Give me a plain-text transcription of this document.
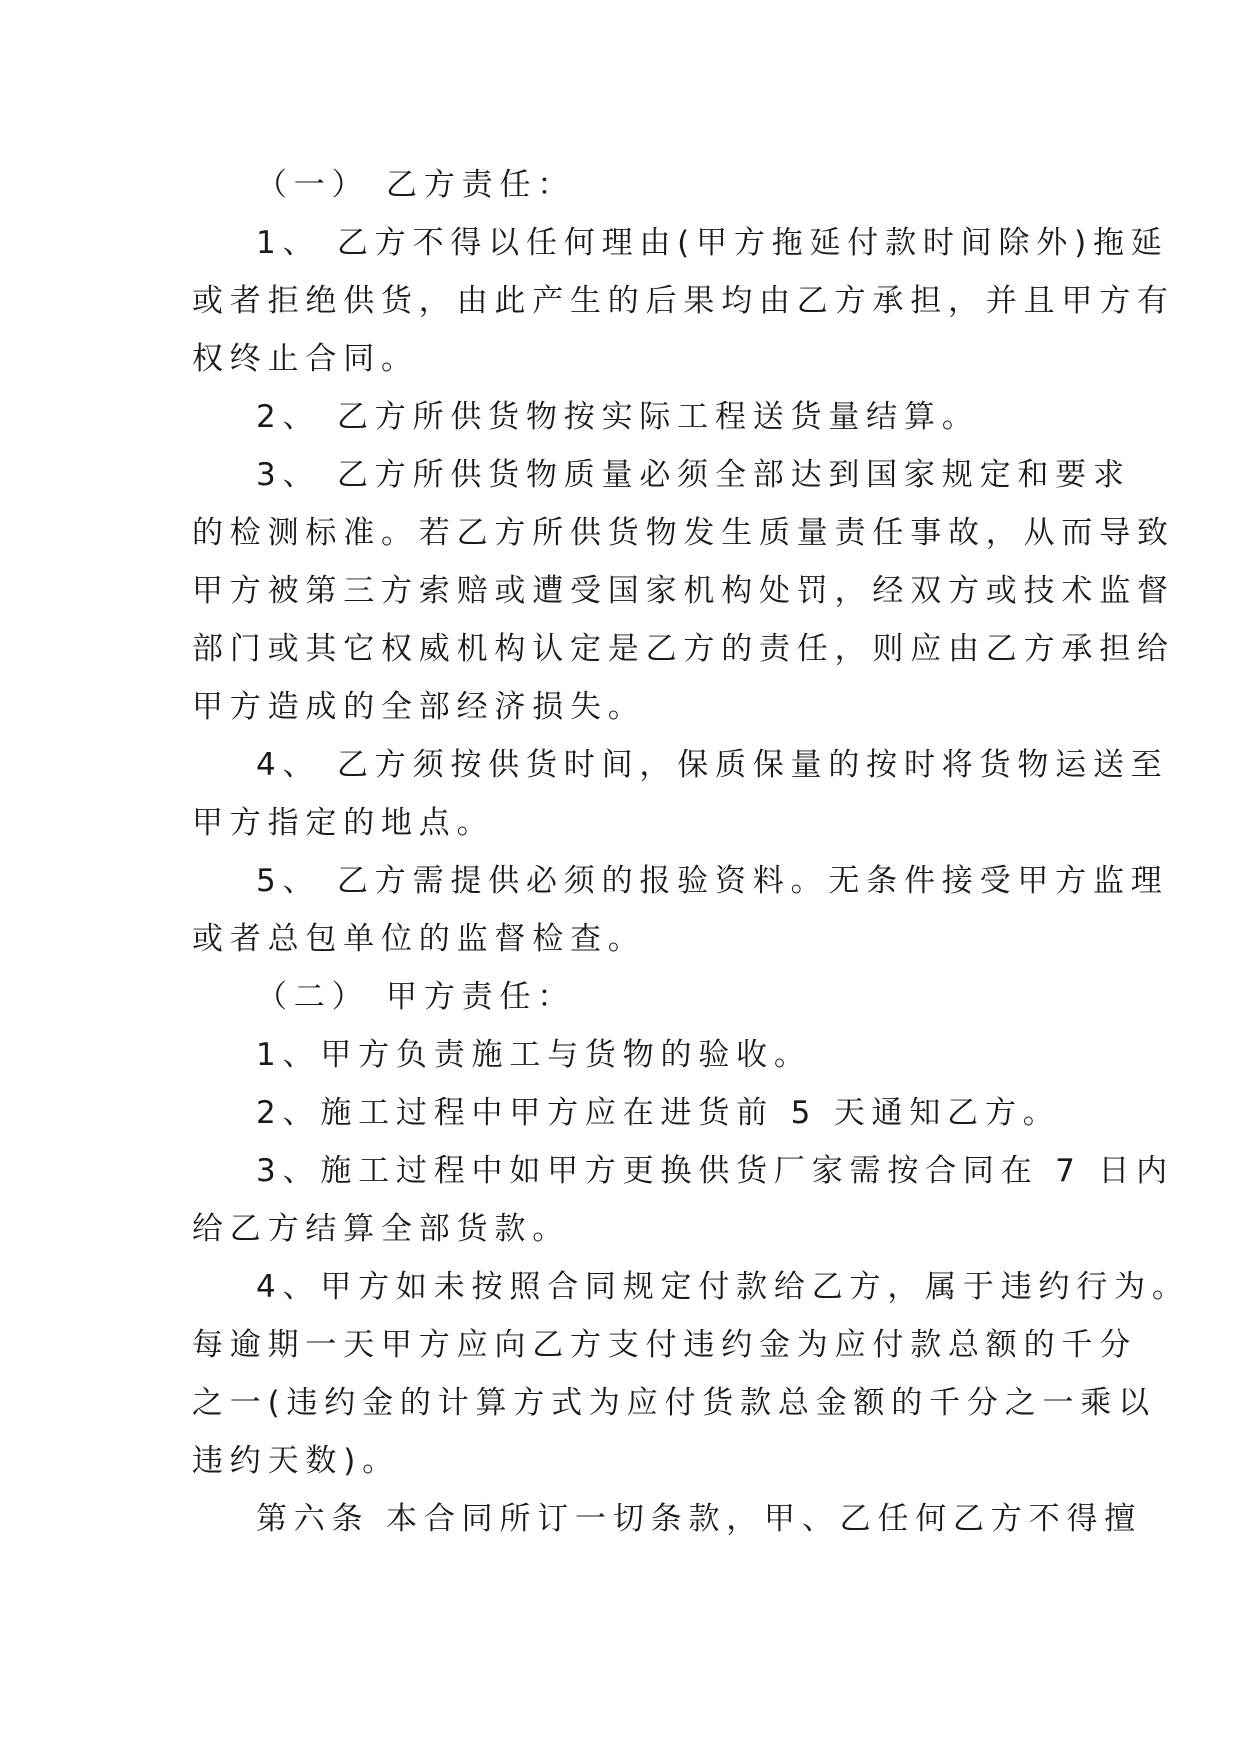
（一） 乙方责任：
1、 乙方不得以任何理由(甲方拖延付款时间除外)拖延
或者拒绝供货，由此产生的后果均由乙方承担，并且甲方有
权终止合同。
2、 乙方所供货物按实际工程送货量结算。
3、 乙方所供货物质量必须全部达到国家规定和要求
的检测标准。若乙方所供货物发生质量责任事故，从而导致
甲方被第三方索赔或遭受国家机构处罚，经双方或技术监督
部门或其它权威机构认定是乙方的责任，则应由乙方承担给
甲方造成的全部经济损失。
4、 乙方须按供货时间，保质保量的按时将货物运送至
甲方指定的地点。
5、 乙方需提供必须的报验资料。无条件接受甲方监理
或者总包单位的监督检查。
（二） 甲方责任：
1、甲方负责施工与货物的验收。
2、施工过程中甲方应在进货前 5 天通知乙方。
3、施工过程中如甲方更换供货厂家需按合同在 7 日内
给乙方结算全部货款。
4、甲方如未按照合同规定付款给乙方，属于违约行为。
每逾期一天甲方应向乙方支付违约金为应付款总额的千分
之一(违约金的计算方式为应付货款总金额的千分之一乘以
违约天数)。
第六条 本合同所订一切条款，甲、乙任何乙方不得擅
